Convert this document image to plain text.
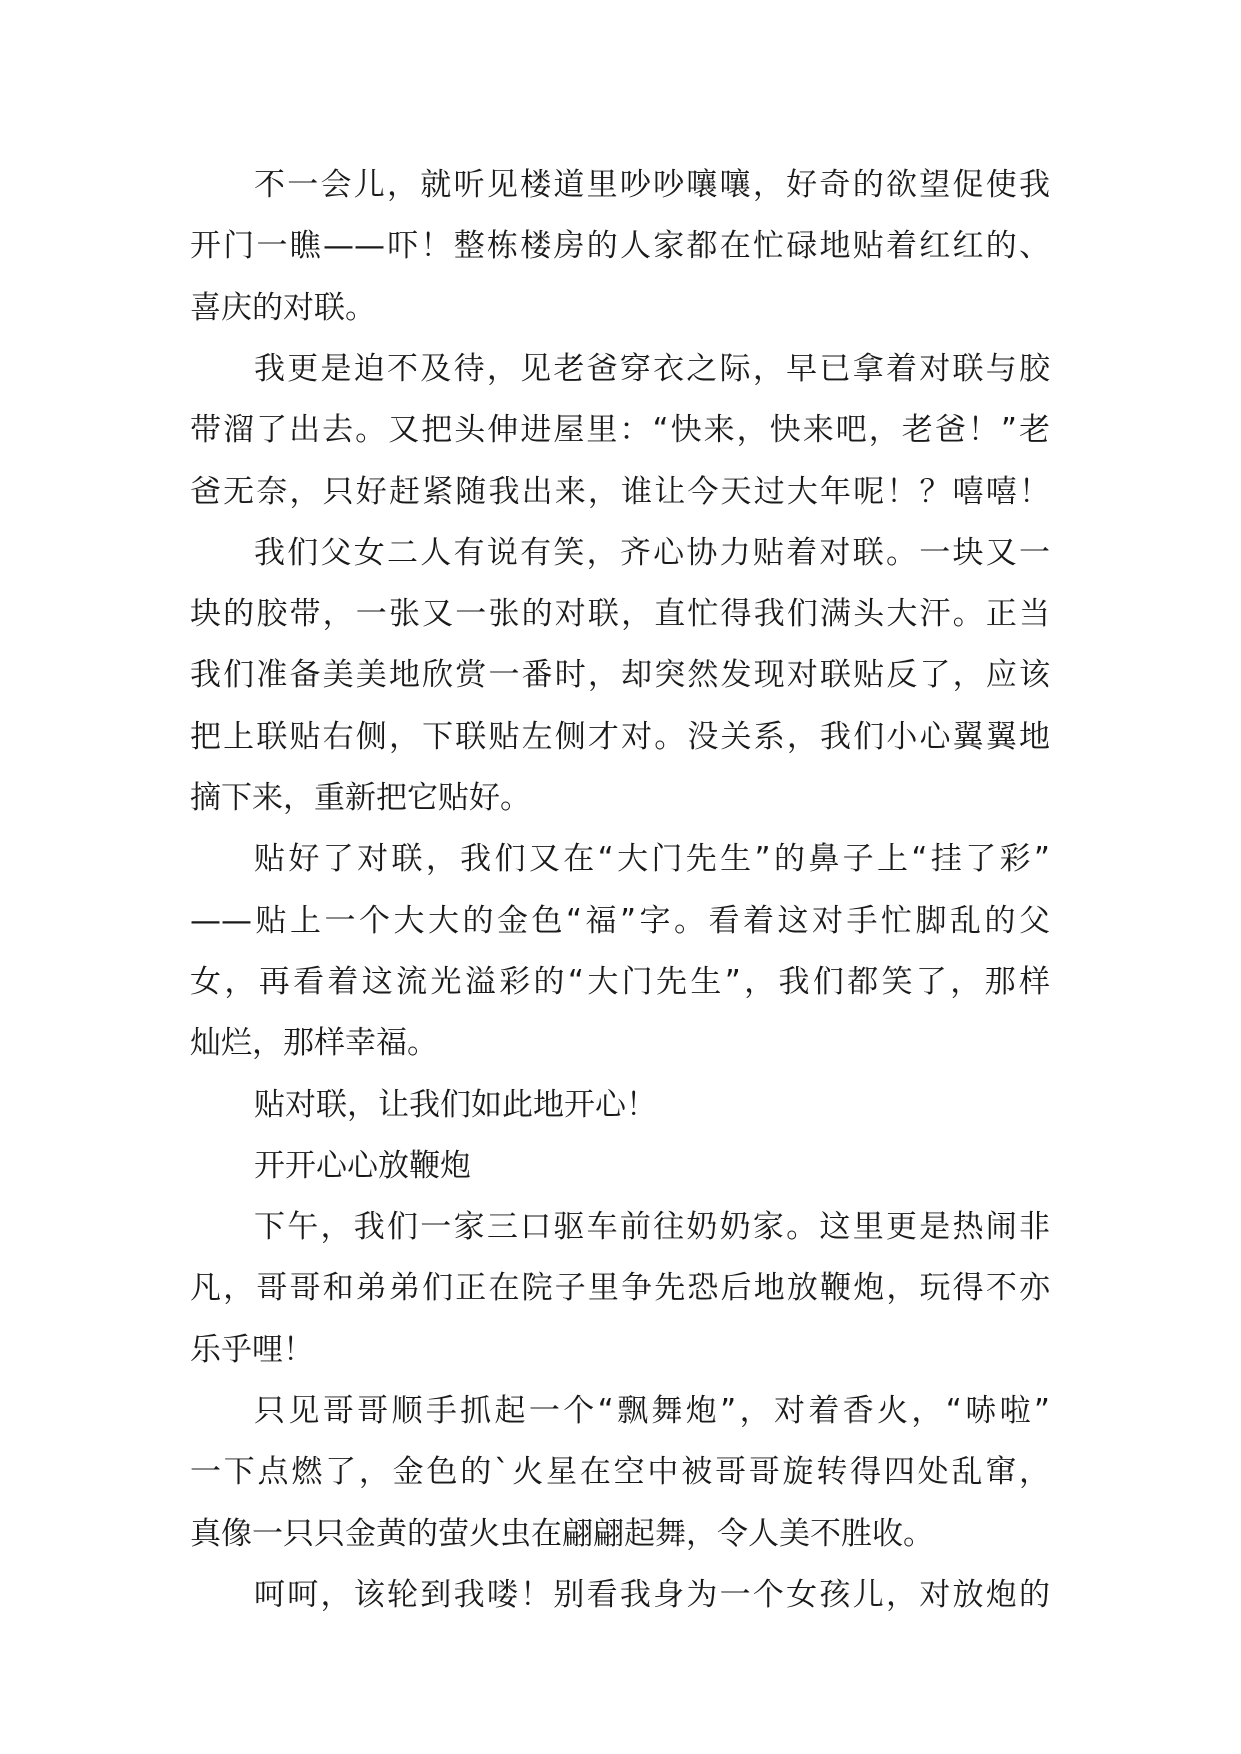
不一会儿，就听见楼道里吵吵嚷嚷，好奇的欲望促使我
开门一瞧——吓！整栋楼房的人家都在忙碌地贴着红红的、
喜庆的对联。
我更是迫不及待，见老爸穿衣之际，早已拿着对联与胶
带溜了出去。又把头伸进屋里：“快来，快来吧，老爸！”老
爸无奈，只好赶紧随我出来，谁让今天过大年呢！？嘻嘻！
我们父女二人有说有笑，齐心协力贴着对联。一块又一
块的胶带，一张又一张的对联，直忙得我们满头大汗。正当
我们准备美美地欣赏一番时，却突然发现对联贴反了，应该
把上联贴右侧，下联贴左侧才对。没关系，我们小心翼翼地
摘下来，重新把它贴好。
贴好了对联，我们又在“大门先生”的鼻子上“挂了彩”
——贴上一个大大的金色“福”字。看着这对手忙脚乱的父
女，再看着这流光溢彩的“大门先生”，我们都笑了，那样
灿烂，那样幸福。
贴对联，让我们如此地开心！
开开心心放鞭炮
下午，我们一家三口驱车前往奶奶家。这里更是热闹非
凡，哥哥和弟弟们正在院子里争先恐后地放鞭炮，玩得不亦
乐乎哩！
只见哥哥顺手抓起一个“飘舞炮”，对着香火，“哧啦”
一下点燃了，金色的`火星在空中被哥哥旋转得四处乱窜，
真像一只只金黄的萤火虫在翩翩起舞，令人美不胜收。
呵呵，该轮到我喽！别看我身为一个女孩儿，对放炮的
